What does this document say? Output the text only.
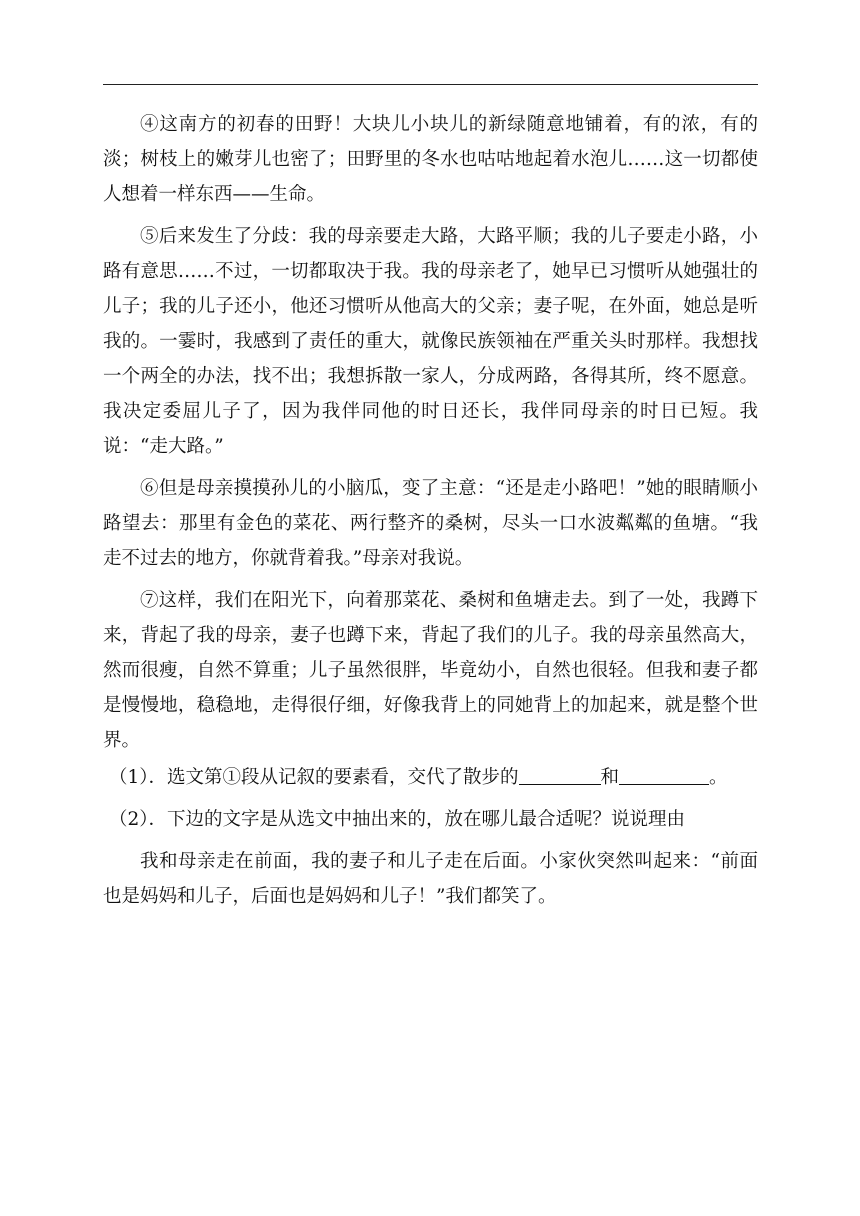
④这南方的初春的田野！大块儿小块儿的新绿随意地铺着，有的浓，有的淡；树枝上的嫩芽儿也密了；田野里的冬水也咕咕地起着水泡儿……这一切都使人想着一样东西——生命。

⑤后来发生了分歧：我的母亲要走大路，大路平顺；我的儿子要走小路，小路有意思……不过，一切都取决于我。我的母亲老了，她早已习惯听从她强壮的儿子；我的儿子还小，他还习惯听从他高大的父亲；妻子呢，在外面，她总是听我的。一霎时，我感到了责任的重大，就像民族领袖在严重关头时那样。我想找一个两全的办法，找不出；我想拆散一家人，分成两路，各得其所，终不愿意。我决定委屈儿子了，因为我伴同他的时日还长，我伴同母亲的时日已短。我说：“走大路。”

⑥但是母亲摸摸孙儿的小脑瓜，变了主意：“还是走小路吧！”她的眼睛顺小路望去：那里有金色的菜花、两行整齐的桑树，尽头一口水波粼粼的鱼塘。“我走不过去的地方，你就背着我。”母亲对我说。

⑦这样，我们在阳光下，向着那菜花、桑树和鱼塘走去。到了一处，我蹲下来，背起了我的母亲，妻子也蹲下来，背起了我们的儿子。我的母亲虽然高大，然而很瘦，自然不算重；儿子虽然很胖，毕竟幼小，自然也很轻。但我和妻子都是慢慢地，稳稳地，走得很仔细，好像我背上的同她背上的加起来，就是整个世界。

（1）．选文第①段从记叙的要素看，交代了散步的	和	。

（2）．下边的文字是从选文中抽出来的，放在哪儿最合适呢？说说理由

我和母亲走在前面，我的妻子和儿子走在后面。小家伙突然叫起来：“前面也是妈妈和儿子，后面也是妈妈和儿子！”我们都笑了。
